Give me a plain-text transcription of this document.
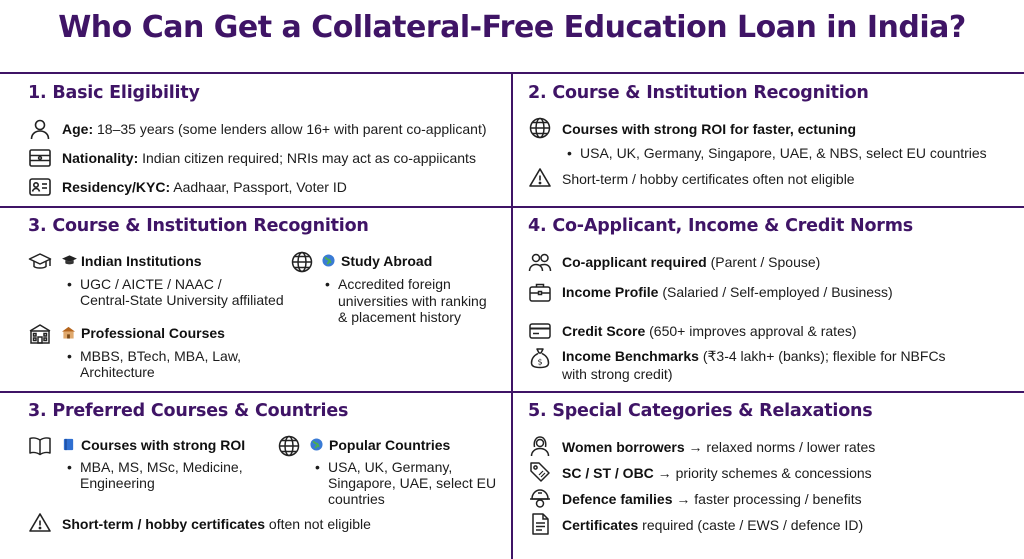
Who Can Get a Collateral-Free Education Loan in India?
1. Basic Eligibility
Age: 18–35 years (some lenders allow 16+ with parent co-applicant)
Nationality: Indian citizen required; NRIs may act as co-appiicants
Residency/KYC: Aadhaar, Passport, Voter ID
2. Course & Institution Recognition
Courses with strong ROI for faster, ectuning
• USA, UK, Germany, Singapore, UAE, & NBS, select EU countries
Short-term / hobby certificates often not eligible
3. Course & Institution Recognition
Indian Institutions
• UGC / AICTE / NAAC /
Central-State University affiliated
Study Abroad
• Accredited foreign
universities with ranking
& placement history
Professional Courses
• MBBS, BTech, MBA, Law,
Architecture
4. Co-Applicant, Income & Credit Norms
Co-applicant required (Parent / Spouse)
Income Profile (Salaried / Self-employed / Business)
Credit Score (650+ improves approval & rates)
$ Income Benchmarks (₹3-4 lakh+ (banks); flexible for NBFCs
with strong credit)
3. Preferred Courses & Countries
Courses with strong ROI
• MBA, MS, MSc, Medicine,
Engineering
Popular Countries
• USA, UK, Germany,
Singapore, UAE, select EU
countries
Short-term / hobby certificates often not eligible
5. Special Categories & Relaxations
Women borrowers → relaxed norms / lower rates
SC / ST / OBC → priority schemes & concessions
Defence families → faster processing / benefits
Certificates required (caste / EWS / defence ID)
